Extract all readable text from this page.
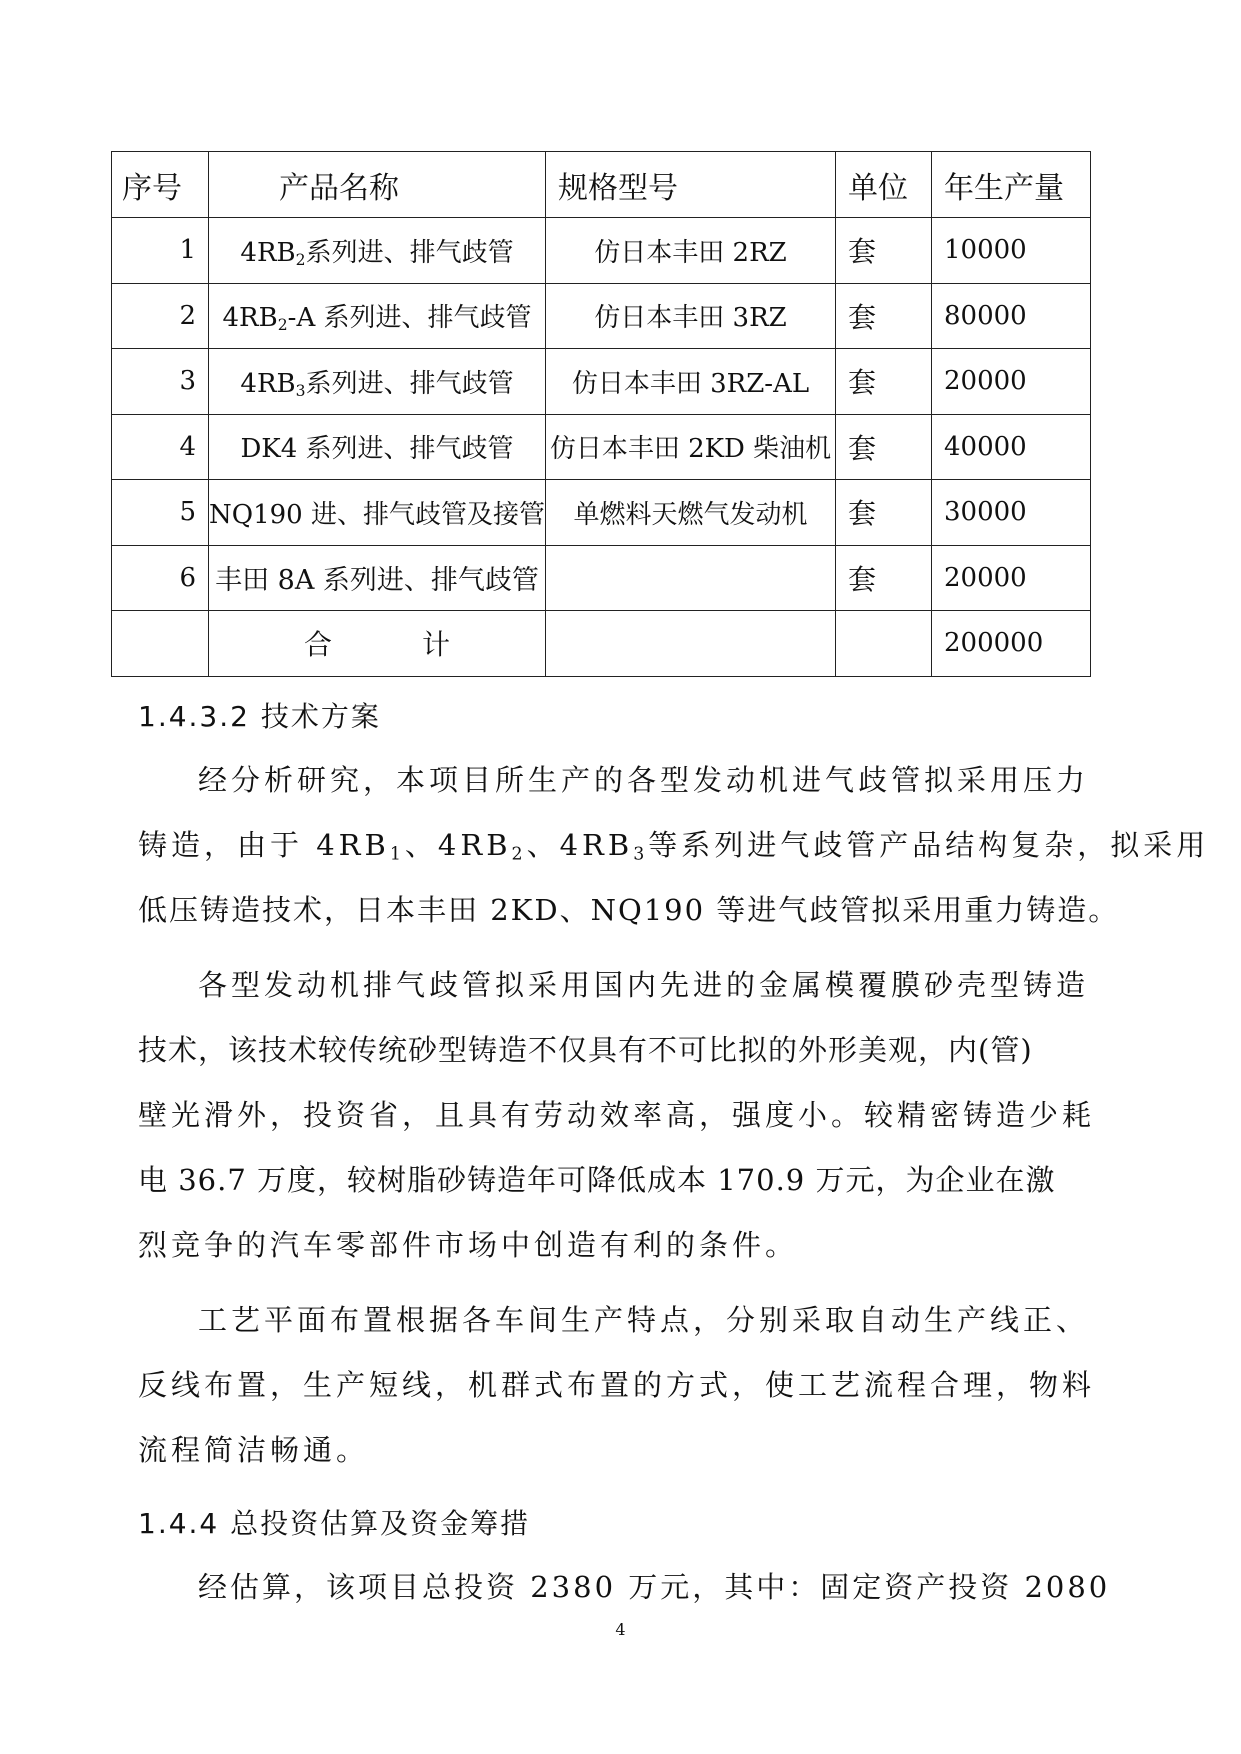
序号	产品名称	规格型号	单位	年生产量
1	$4RB_2$系列进、排气歧管	仿日本丰田 2RZ	套	10000
2	$4RB_2-A$ 系列进、排气歧管	仿日本丰田 3RZ	套	80000
3	$4RB_3$系列进、排气歧管	仿日本丰田 3RZ-AL	套	20000
4	DK4 系列进、排气歧管	仿日本丰田 2KD 柴油机	套	40000
5	NQ190 进、排气歧管及接管	单燃料天燃气发动机	套	30000
6	丰田 8A 系列进、排气歧管		套	20000
	合 计			200000
1.4.3.2 技术方案
经分析研究，本项目所生产的各型发动机进气歧管拟采用压力
铸造，由于 $4RB_1$、$4RB_2$、$4RB_3$等系列进气歧管产品结构复杂，拟采用
低压铸造技术，日本丰田 2KD、NQ190 等进气歧管拟采用重力铸造。
各型发动机排气歧管拟采用国内先进的金属模覆膜砂壳型铸造
技术，该技术较传统砂型铸造不仅具有不可比拟的外形美观，内(管)
壁光滑外，投资省，且具有劳动效率高，强度小。较精密铸造少耗
电 36.7 万度，较树脂砂铸造年可降低成本 170.9 万元，为企业在激
烈竞争的汽车零部件市场中创造有利的条件。
工艺平面布置根据各车间生产特点，分别采取自动生产线正、
反线布置，生产短线，机群式布置的方式，使工艺流程合理，物料
流程简洁畅通。
1.4.4 总投资估算及资金筹措
经估算，该项目总投资 2380 万元，其中：固定资产投资 2080
4
